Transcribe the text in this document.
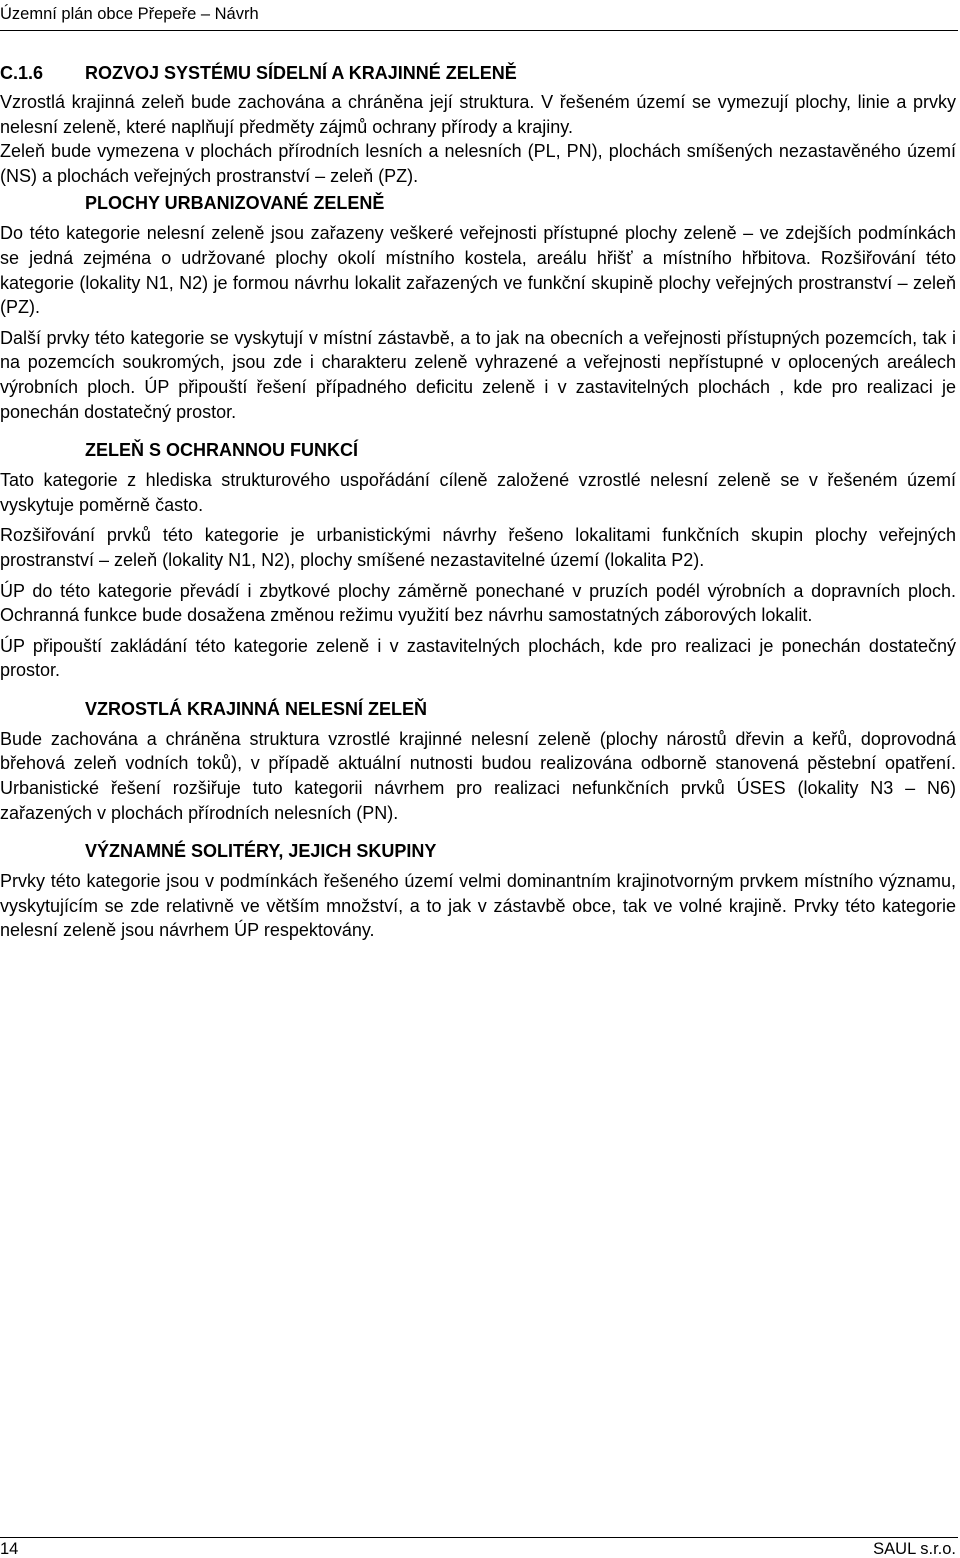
Územní plán obce Přepeře – Návrh
C.1.6 ROZVOJ SYSTÉMU SÍDELNÍ A KRAJINNÉ ZELENĚ

Vzrostlá krajinná zeleň bude zachována a chráněna její struktura. V řešeném území se vymezují plochy, linie a prvky nelesní zeleně, které naplňují předměty zájmů ochrany přírody a krajiny.

Zeleň bude vymezena v plochách přírodních lesních a nelesních (PL, PN), plochách smíšených nezastavěného území (NS) a plochách veřejných prostranství – zeleň (PZ).

PLOCHY URBANIZOVANÉ ZELENĚ

Do této kategorie nelesní zeleně jsou zařazeny veškeré veřejnosti přístupné plochy zeleně – ve zdejších podmínkách se jedná zejména o udržované plochy okolí místního kostela, areálu hřišť a místního hřbitova. Rozšiřování této kategorie (lokality N1, N2) je formou návrhu lokalit zařazených ve funkční skupině plochy veřejných prostranství – zeleň (PZ).

Další prvky této kategorie se vyskytují v místní zástavbě, a to jak na obecních a veřejnosti přístupných pozemcích, tak i na pozemcích soukromých, jsou zde i charakteru zeleně vyhrazené a veřejnosti nepřístupné v oplocených areálech výrobních ploch. ÚP připouští řešení případného deficitu zeleně i v zastavitelných plochách , kde pro realizaci je ponechán dostatečný prostor.

ZELEŇ S OCHRANNOU FUNKCÍ

Tato kategorie z hlediska strukturového uspořádání cíleně založené vzrostlé nelesní zeleně se v řešeném území vyskytuje poměrně často.

Rozšiřování prvků této kategorie je urbanistickými návrhy řešeno lokalitami funkčních skupin plochy veřejných prostranství – zeleň (lokality N1, N2), plochy smíšené nezastavitelné území (lokalita P2).

ÚP do této kategorie převádí i zbytkové plochy záměrně ponechané v pruzích podél výrobních a dopravních ploch. Ochranná funkce bude dosažena změnou režimu využití bez návrhu samostatných záborových lokalit.

ÚP připouští zakládání této kategorie zeleně i v zastavitelných plochách, kde pro realizaci je ponechán dostatečný prostor.

VZROSTLÁ KRAJINNÁ NELESNÍ ZELEŇ

Bude zachována a chráněna struktura vzrostlé krajinné nelesní zeleně (plochy nárostů dřevin a keřů, doprovodná břehová zeleň vodních toků), v případě aktuální nutnosti budou realizována odborně stanovená pěstební opatření. Urbanistické řešení rozšiřuje tuto kategorii návrhem pro realizaci nefunkčních prvků ÚSES (lokality N3 – N6) zařazených v plochách přírodních nelesních (PN).

VÝZNAMNÉ SOLITÉRY, JEJICH SKUPINY

Prvky této kategorie jsou v podmínkách řešeného území velmi dominantním krajinotvorným prvkem místního významu, vyskytujícím se zde relativně ve větším množství, a to jak v zástavbě obce, tak ve volné krajině. Prvky této kategorie nelesní zeleně jsou návrhem ÚP respektovány.

14	SAUL s.r.o.
